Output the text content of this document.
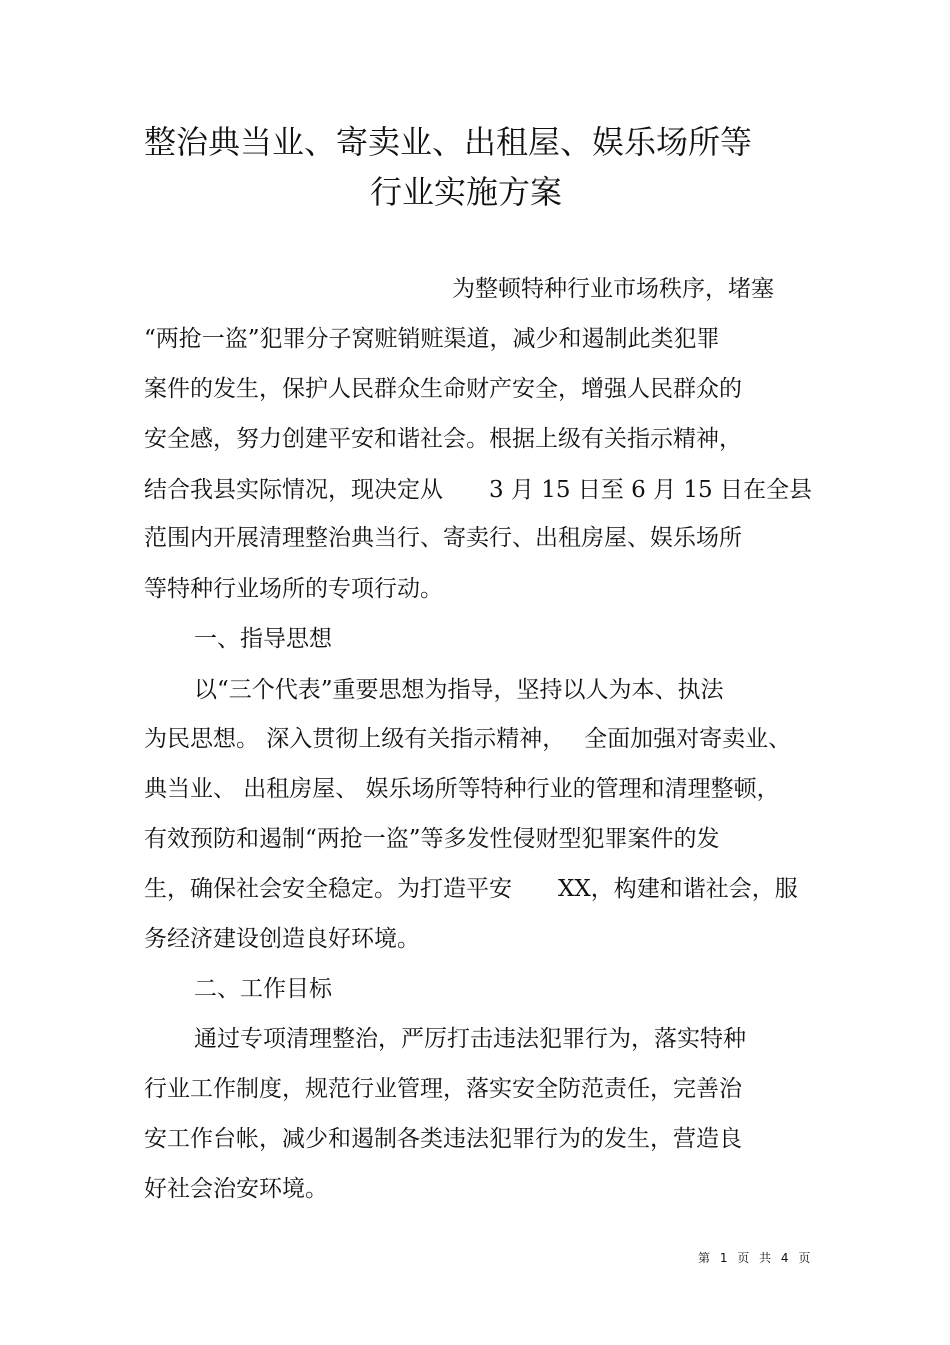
整治典当业、寄卖业、出租屋、娱乐场所等
行业实施方案
为整顿特种行业市场秩序，堵塞
“两抢一盗”犯罪分子窝赃销赃渠道，减少和遏制此类犯罪
案件的发生，保护人民群众生命财产安全，增强人民群众的
安全感，努力创建平安和谐社会。根据上级有关指示精神，
结合我县实际情况，现决定从　　3 月 15 日至 6 月 15 日在全县
范围内开展清理整治典当行、寄卖行、出租房屋、娱乐场所
等特种行业场所的专项行动。
一、指导思想
以“三个代表”重要思想为指导，坚持以人为本、执法
为民思想。 深入贯彻上级有关指示精神，　 全面加强对寄卖业、
典当业、 出租房屋、 娱乐场所等特种行业的管理和清理整顿，
有效预防和遏制“两抢一盗”等多发性侵财型犯罪案件的发
生，确保社会安全稳定。为打造平安　　XX，构建和谐社会，服
务经济建设创造良好环境。
二、工作目标
通过专项清理整治，严厉打击违法犯罪行为，落实特种
行业工作制度，规范行业管理，落实安全防范责任，完善治
安工作台帐，减少和遏制各类违法犯罪行为的发生，营造良
好社会治安环境。
第 1 页 共 4 页
